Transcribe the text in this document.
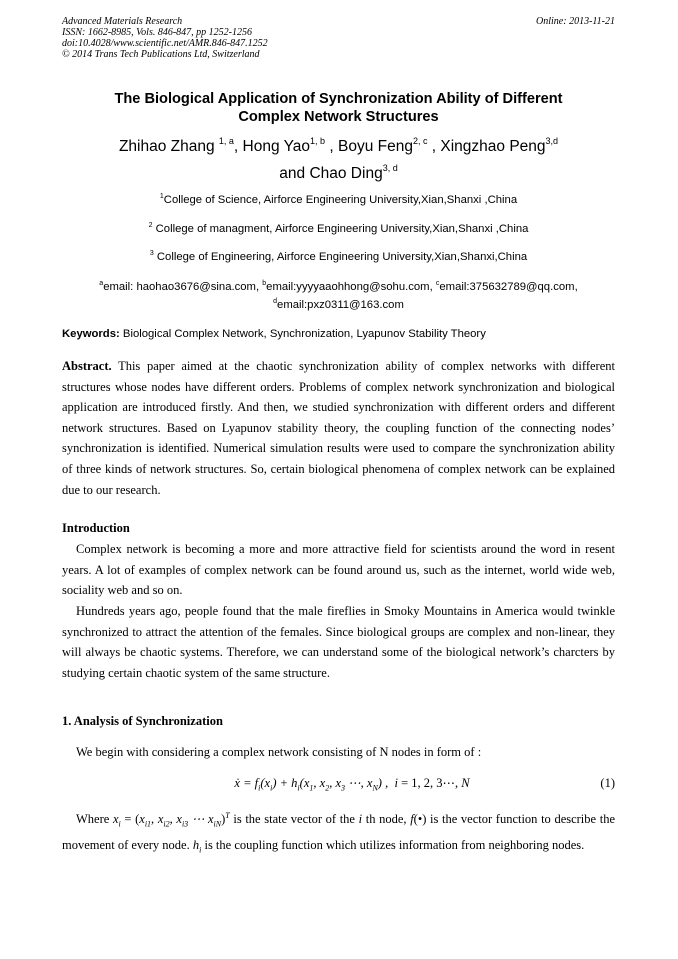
Advanced Materials Research
ISSN: 1662-8985, Vols. 846-847, pp 1252-1256
doi:10.4028/www.scientific.net/AMR.846-847.1252
© 2014 Trans Tech Publications Ltd, Switzerland
Online: 2013-11-21
The Biological Application of Synchronization Ability of Different
Complex Network Structures
Zhihao Zhang $^{1, a}$, Hong Yao$^{1, b}$ , Boyu Feng$^{2, c}$ , Xingzhao Peng$^{3,d}$
and Chao Ding$^{3, d}$
$^1$College of Science, Airforce Engineering University,Xian,Shanxi ,China
$^2$ College of managment, Airforce Engineering University,Xian,Shanxi ,China
$^3$ College of Engineering, Airforce Engineering University,Xian,Shanxi,China
$^a$email: haohao3676@sina.com, $^b$email:yyyyaaohhong@sohu.com, $^c$email:375632789@qq.com,
$^d$email:pxz0311@163.com
Keywords: Biological Complex Network, Synchronization, Lyapunov Stability Theory
Abstract. This paper aimed at the chaotic synchronization ability of complex networks with different structures whose nodes have different orders. Problems of complex network synchronization and biological application are introduced firstly. And then, we studied synchronization with different orders and different network structures. Based on Lyapunov stability theory, the coupling function of the connecting nodes’ synchronization is identified. Numerical simulation results were used to compare the synchronization ability of three kinds of network structures. So, certain biological phenomena of complex network can be explained due to our research.
Introduction
Complex network is becoming a more and more attractive field for scientists around the word in resent years. A lot of examples of complex network can be found around us, such as the internet, world wide web, sociality web and so on.
Hundreds years ago, people found that the male fireflies in Smoky Mountains in America would twinkle synchronized to attract the attention of the females. Since biological groups are complex and non-linear, they will always be chaotic systems. Therefore, we can understand some of the biological network’s charcters by studying certain chaotic system of the same structure.
1. Analysis of Synchronization
We begin with considering a complex network consisting of N nodes in form of :
ẋ = $f_i(x_i) + h_i(x_1$, $x_2$, $x_3$ ⋯, $x_N$) ,  i = 1, 2, 3⋯, N	(1)
Where $x_i = (x_{i1}$, $x_{i2}$, $x_{i3}$ ⋯ $x_{iN})^T$ is the state vector of the i th node, f(•) is the vector function to describe the movement of every node. $h_i$ is the coupling function which utilizes information from neighboring nodes.
